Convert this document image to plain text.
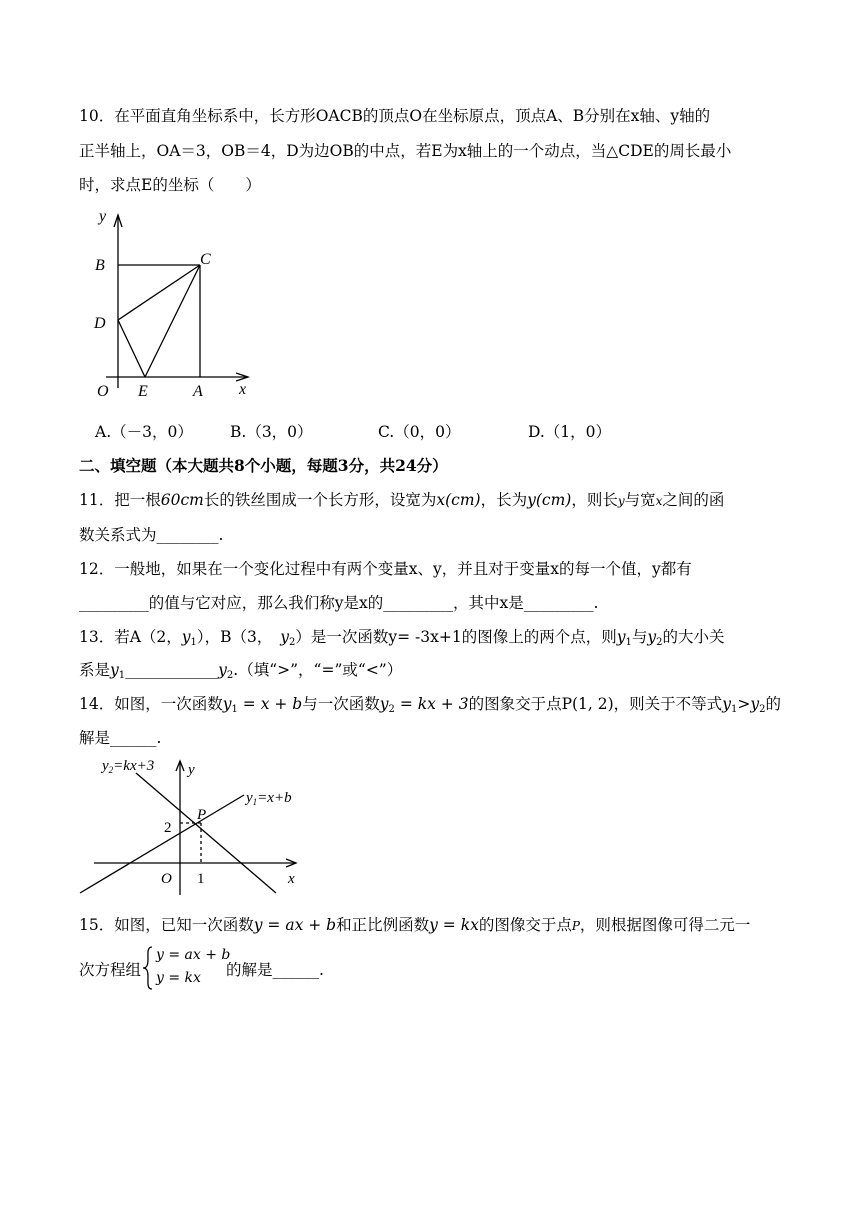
10．在平面直角坐标系中，长方形OACB的顶点O在坐标原点，顶点A、B分别在x轴、y轴的
正半轴上，OA＝3，OB＝4，D为边OB的中点，若E为x轴上的一个动点，当△CDE的周长最小
时，求点E的坐标（　　）
y
B	C
D
O E	A x
A.（－3，0） B.（3，0）	C.（0，0）	D.（1，0）
二、填空题（本大题共8个小题，每题3分，共24分）
11．把一根60cm长的铁丝围成一个长方形，设宽为x(cm)，长为y(cm)，则长y与宽x之间的函
数关系式为________.
12．一般地，如果在一个变化过程中有两个变量x、y，并且对于变量x的每一个值，y都有
_________的值与它对应，那么我们称y是x的_________，其中x是_________.
13．若A（2，$y_1$），B（3，　$y_2$）是一次函数y= -3x+1的图像上的两个点，则$y_1$与$y_2$的大小关
系是$y_1\_\_\_\_\_\_\_\_\_\_\_\_y_2$.（填“>”，“=”或“<”）
14．如图，一次函数$y_1 = x + b$与一次函数$y_2$ = kx + 3的图象交于点P(1, 2)，则关于不等式$y_1>y_2$的
解是______.
$y_2=kx+3$ y
$y_1=x+b$
P
2
O 1	x
15．如图，已知一次函数y = ax + b和正比例函数y = kx的图像交于点P，则根据图像可得二元一
次方程组
y = ax + b
y = kx 的解是______.
